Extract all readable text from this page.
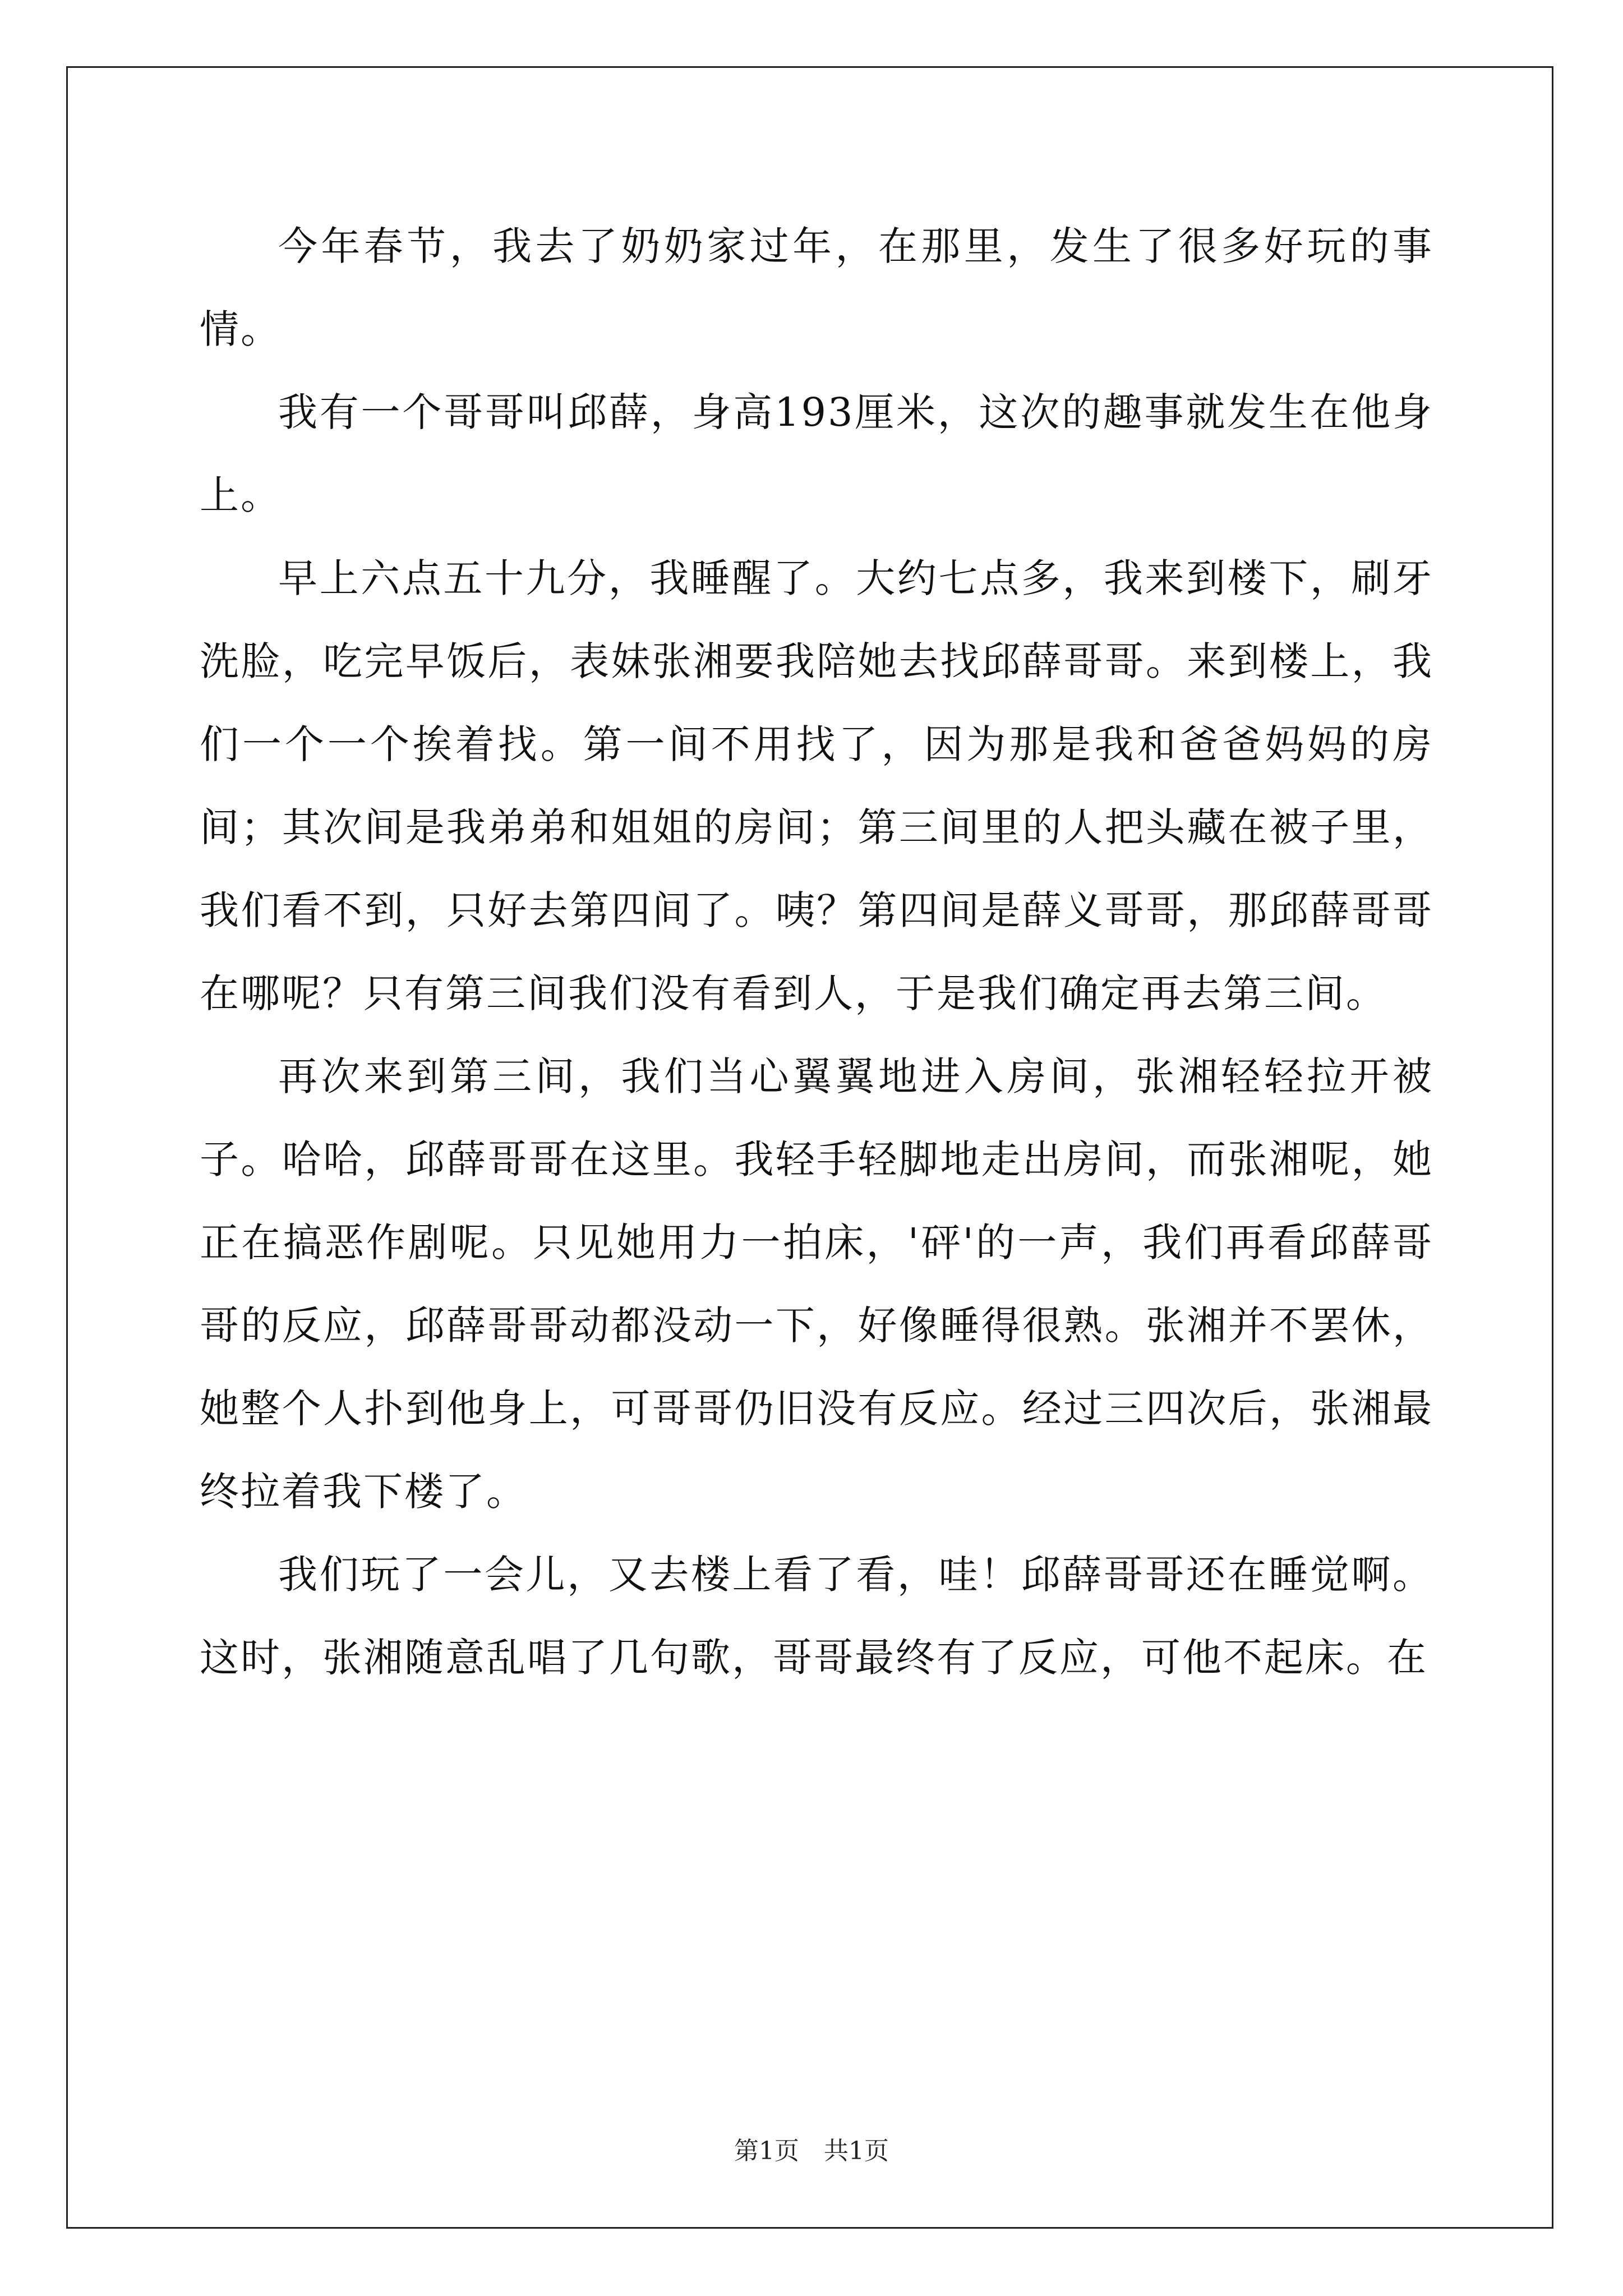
今年春节，我去了奶奶家过年，在那里，发生了很多好玩的事情。

我有一个哥哥叫邱薛，身高193厘米，这次的趣事就发生在他身上。

早上六点五十九分，我睡醒了。大约七点多，我来到楼下，刷牙洗脸，吃完早饭后，表妹张湘要我陪她去找邱薛哥哥。来到楼上，我们一个一个挨着找。第一间不用找了，因为那是我和爸爸妈妈的房间；其次间是我弟弟和姐姐的房间；第三间里的人把头藏在被子里，我们看不到，只好去第四间了。咦？第四间是薛义哥哥，那邱薛哥哥在哪呢？只有第三间我们没有看到人，于是我们确定再去第三间。

再次来到第三间，我们当心翼翼地进入房间，张湘轻轻拉开被子。哈哈，邱薛哥哥在这里。我轻手轻脚地走出房间，而张湘呢，她正在搞恶作剧呢。只见她用力一拍床，'砰'的一声，我们再看邱薛哥哥的反应，邱薛哥哥动都没动一下，好像睡得很熟。张湘并不罢休，她整个人扑到他身上，可哥哥仍旧没有反应。经过三四次后，张湘最终拉着我下楼了。

我们玩了一会儿，又去楼上看了看，哇！邱薛哥哥还在睡觉啊。这时，张湘随意乱唱了几句歌，哥哥最终有了反应，可他不起床。在

第1页　共1页
